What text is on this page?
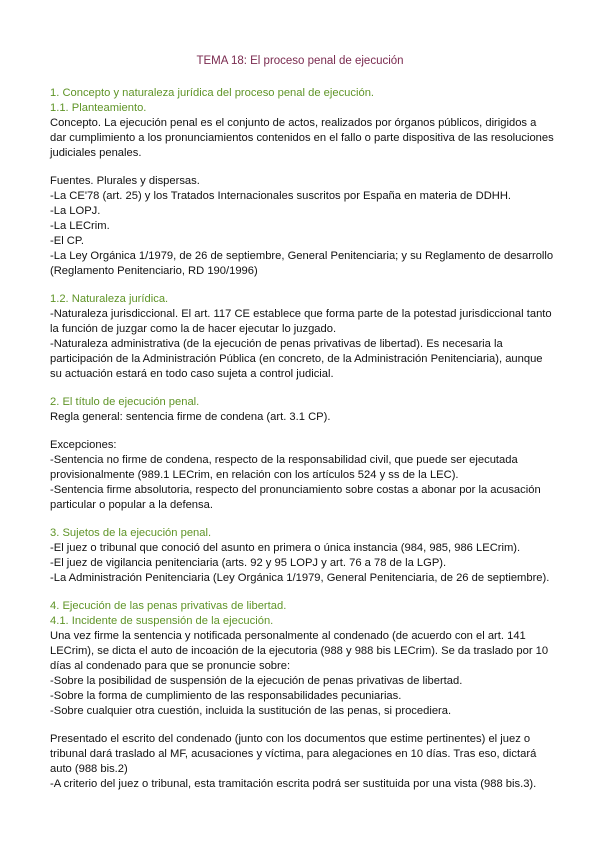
TEMA 18: El proceso penal de ejecución
1. Concepto y naturaleza jurídica del proceso penal de ejecución.
1.1. Planteamiento.
Concepto. La ejecución penal es el conjunto de actos, realizados por órganos públicos, dirigidos a
dar cumplimiento a los pronunciamientos contenidos en el fallo o parte dispositiva de las resoluciones
judiciales penales.
Fuentes. Plurales y dispersas.
-La CE'78 (art. 25) y los Tratados Internacionales suscritos por España en materia de DDHH.
-La LOPJ.
-La LECrim.
-El CP.
-La Ley Orgánica 1/1979, de 26 de septiembre, General Penitenciaria; y su Reglamento de desarrollo
(Reglamento Penitenciario, RD 190/1996)
1.2. Naturaleza jurídica.
-Naturaleza jurisdiccional. El art. 117 CE establece que forma parte de la potestad jurisdiccional tanto
la función de juzgar como la de hacer ejecutar lo juzgado.
-Naturaleza administrativa (de la ejecución de penas privativas de libertad). Es necesaria la
participación de la Administración Pública (en concreto, de la Administración Penitenciaria), aunque
su actuación estará en todo caso sujeta a control judicial.
2. El título de ejecución penal.
Regla general: sentencia firme de condena (art. 3.1 CP).
Excepciones:
-Sentencia no firme de condena, respecto de la responsabilidad civil, que puede ser ejecutada
provisionalmente (989.1 LECrim, en relación con los artículos 524 y ss de la LEC).
-Sentencia firme absolutoria, respecto del pronunciamiento sobre costas a abonar por la acusación
particular o popular a la defensa.
3. Sujetos de la ejecución penal.
-El juez o tribunal que conoció del asunto en primera o única instancia (984, 985, 986 LECrim).
-El juez de vigilancia penitenciaria (arts. 92 y 95 LOPJ y art. 76 a 78 de la LGP).
-La Administración Penitenciaria (Ley Orgánica 1/1979, General Penitenciaria, de 26 de septiembre).
4. Ejecución de las penas privativas de libertad.
4.1. Incidente de suspensión de la ejecución.
Una vez firme la sentencia y notificada personalmente al condenado (de acuerdo con el art. 141
LECrim), se dicta el auto de incoación de la ejecutoria (988 y 988 bis LECrim). Se da traslado por 10
días al condenado para que se pronuncie sobre:
-Sobre la posibilidad de suspensión de la ejecución de penas privativas de libertad.
-Sobre la forma de cumplimiento de las responsabilidades pecuniarias.
-Sobre cualquier otra cuestión, incluida la sustitución de las penas, si procediera.
Presentado el escrito del condenado (junto con los documentos que estime pertinentes) el juez o
tribunal dará traslado al MF, acusaciones y víctima, para alegaciones en 10 días. Tras eso, dictará
auto (988 bis.2)
-A criterio del juez o tribunal, esta tramitación escrita podrá ser sustituida por una vista (988 bis.3).
